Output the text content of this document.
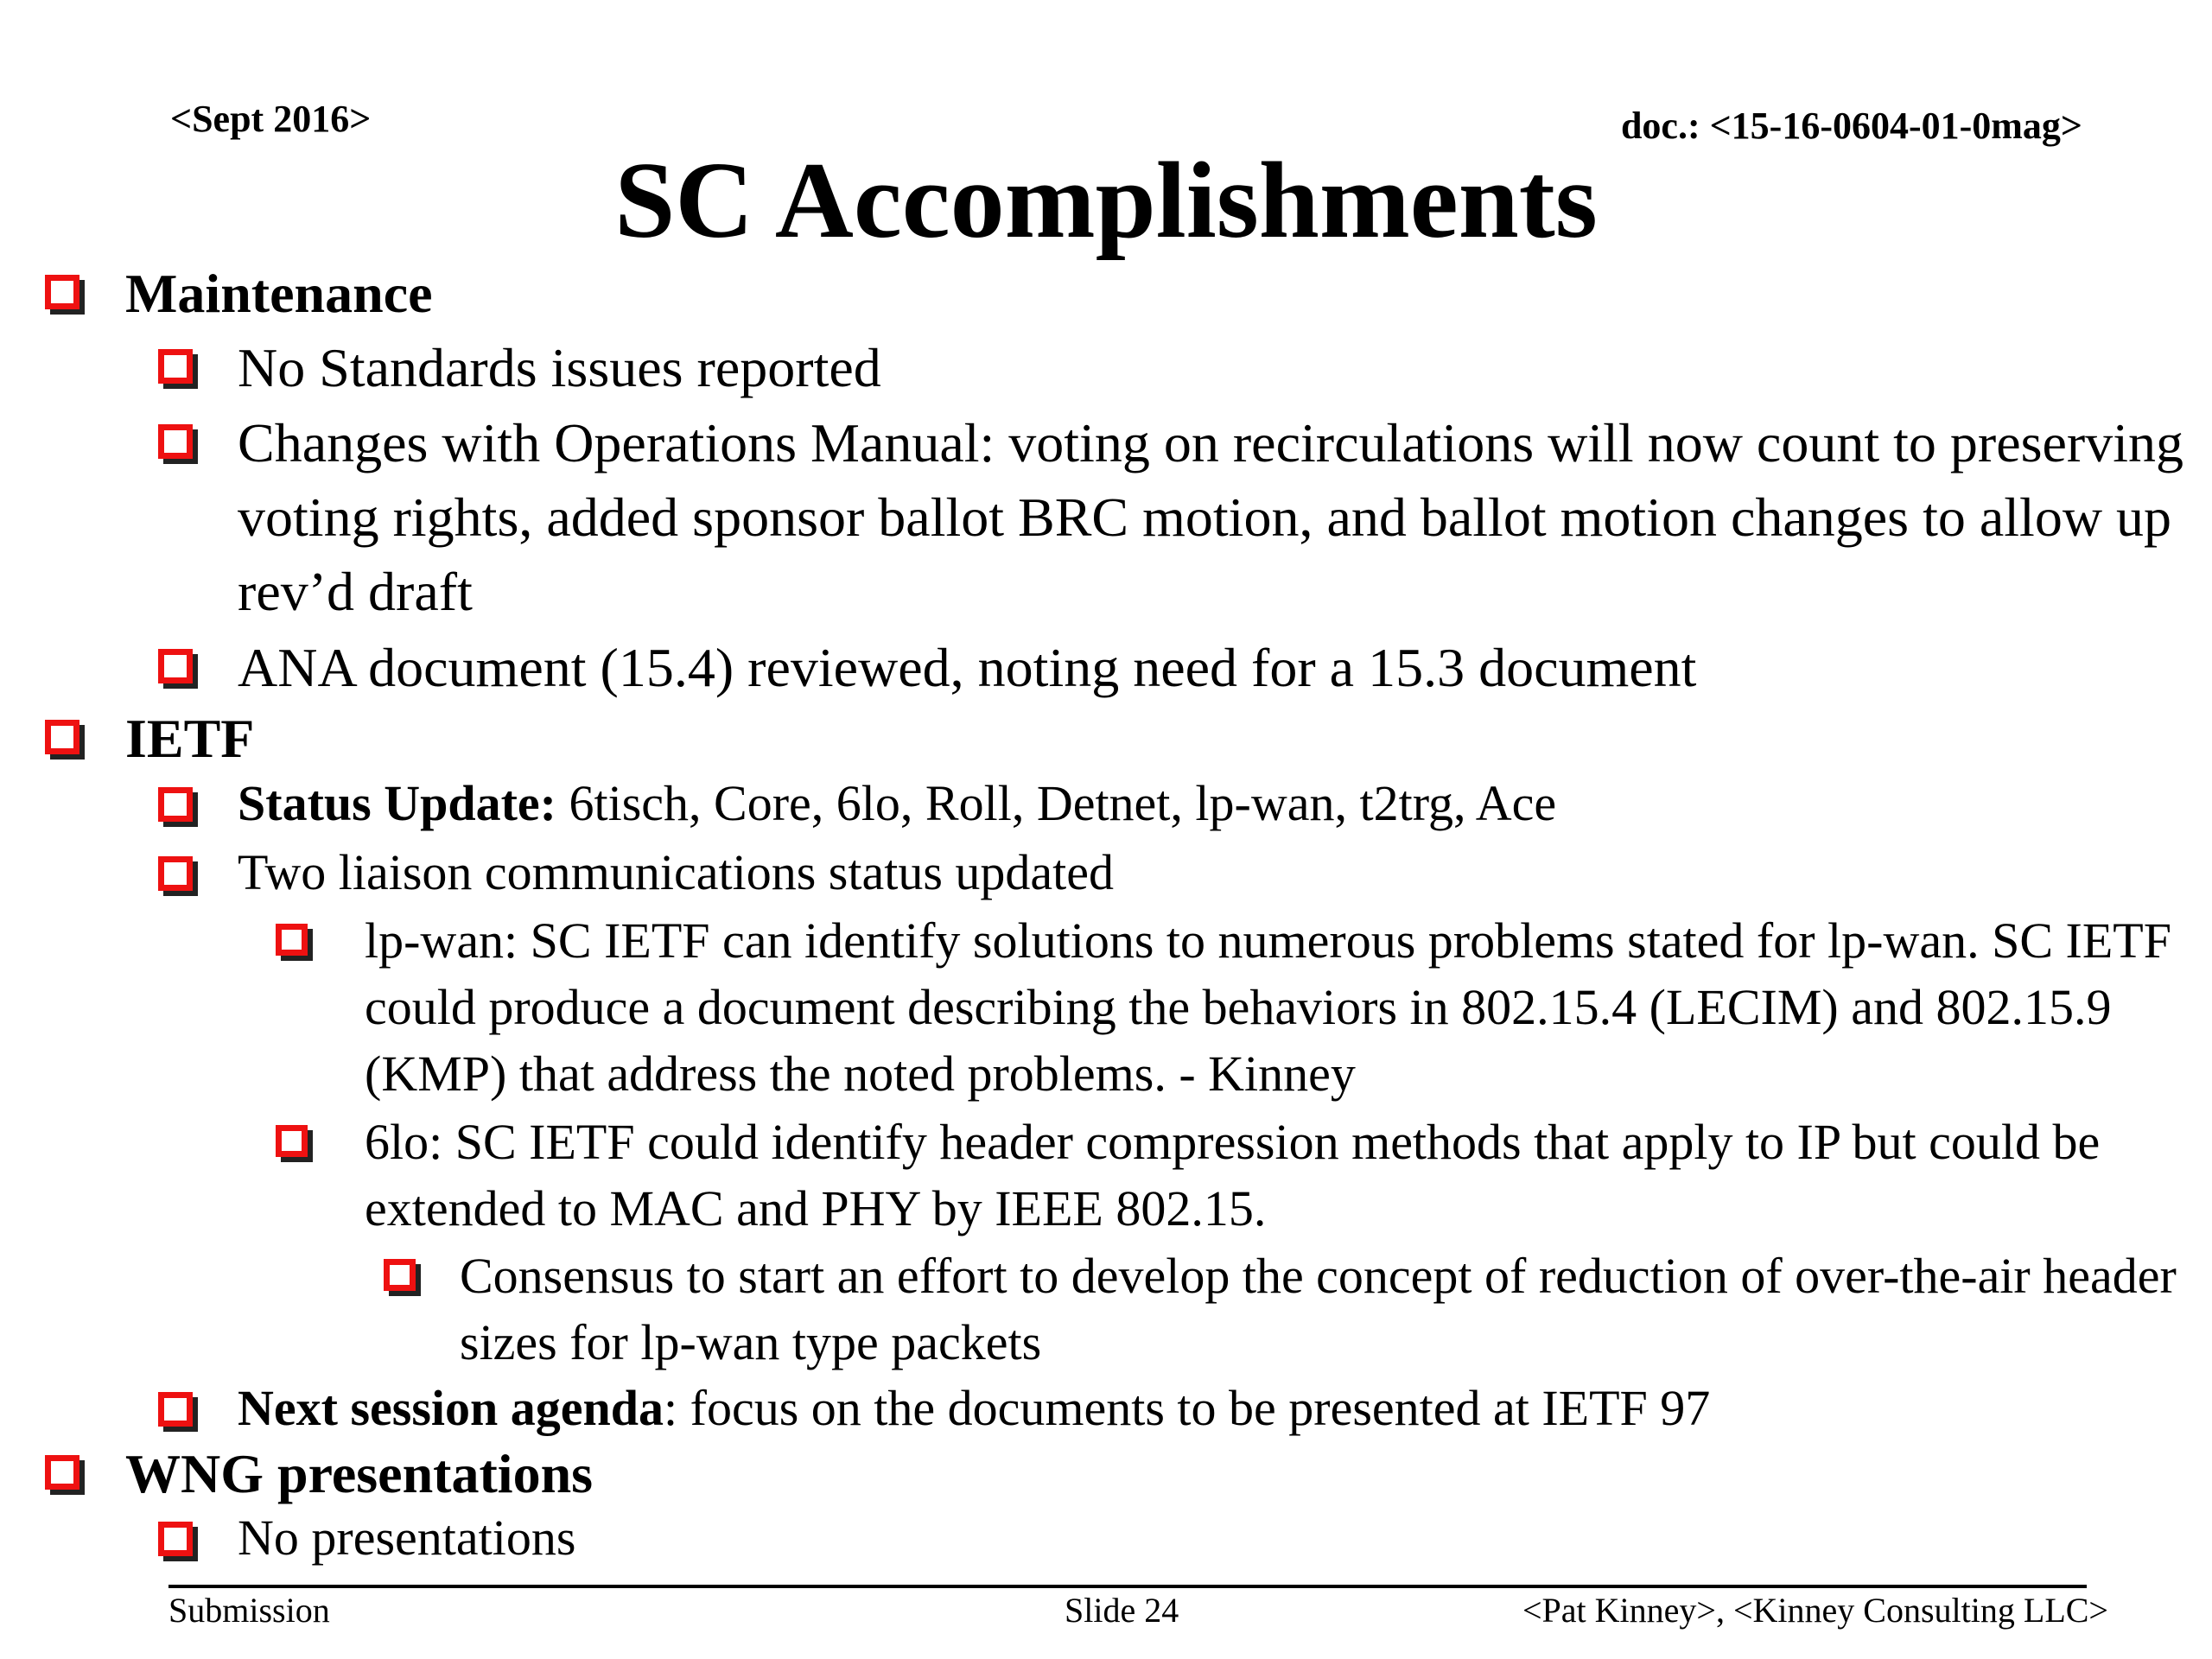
<Sept 2016>	doc.: <15-16-0604-01-0mag>
SC Accomplishments
Maintenance
No Standards issues reported
Changes with Operations Manual: voting on recirculations will now count to preserving voting rights, added sponsor ballot BRC motion, and ballot motion changes to allow up rev’d draft
ANA document (15.4) reviewed, noting need for a 15.3 document
IETF
Status Update: 6tisch, Core, 6lo, Roll, Detnet, lp-wan, t2trg, Ace
Two liaison communications status updated
lp-wan: SC IETF can identify solutions to numerous problems stated for lp-wan. SC IETF could produce a document describing the behaviors in 802.15.4 (LECIM) and 802.15.9 (KMP) that address the noted problems. - Kinney
6lo: SC IETF could identify header compression methods that apply to IP but could be extended to MAC and PHY by IEEE 802.15.
Consensus to start an effort to develop the concept of reduction of over-the-air header sizes for lp-wan type packets
Next session agenda: focus on the documents to be presented at IETF 97
WNG presentations
No presentations
Submission	Slide 24	<Pat Kinney>, <Kinney Consulting LLC>
